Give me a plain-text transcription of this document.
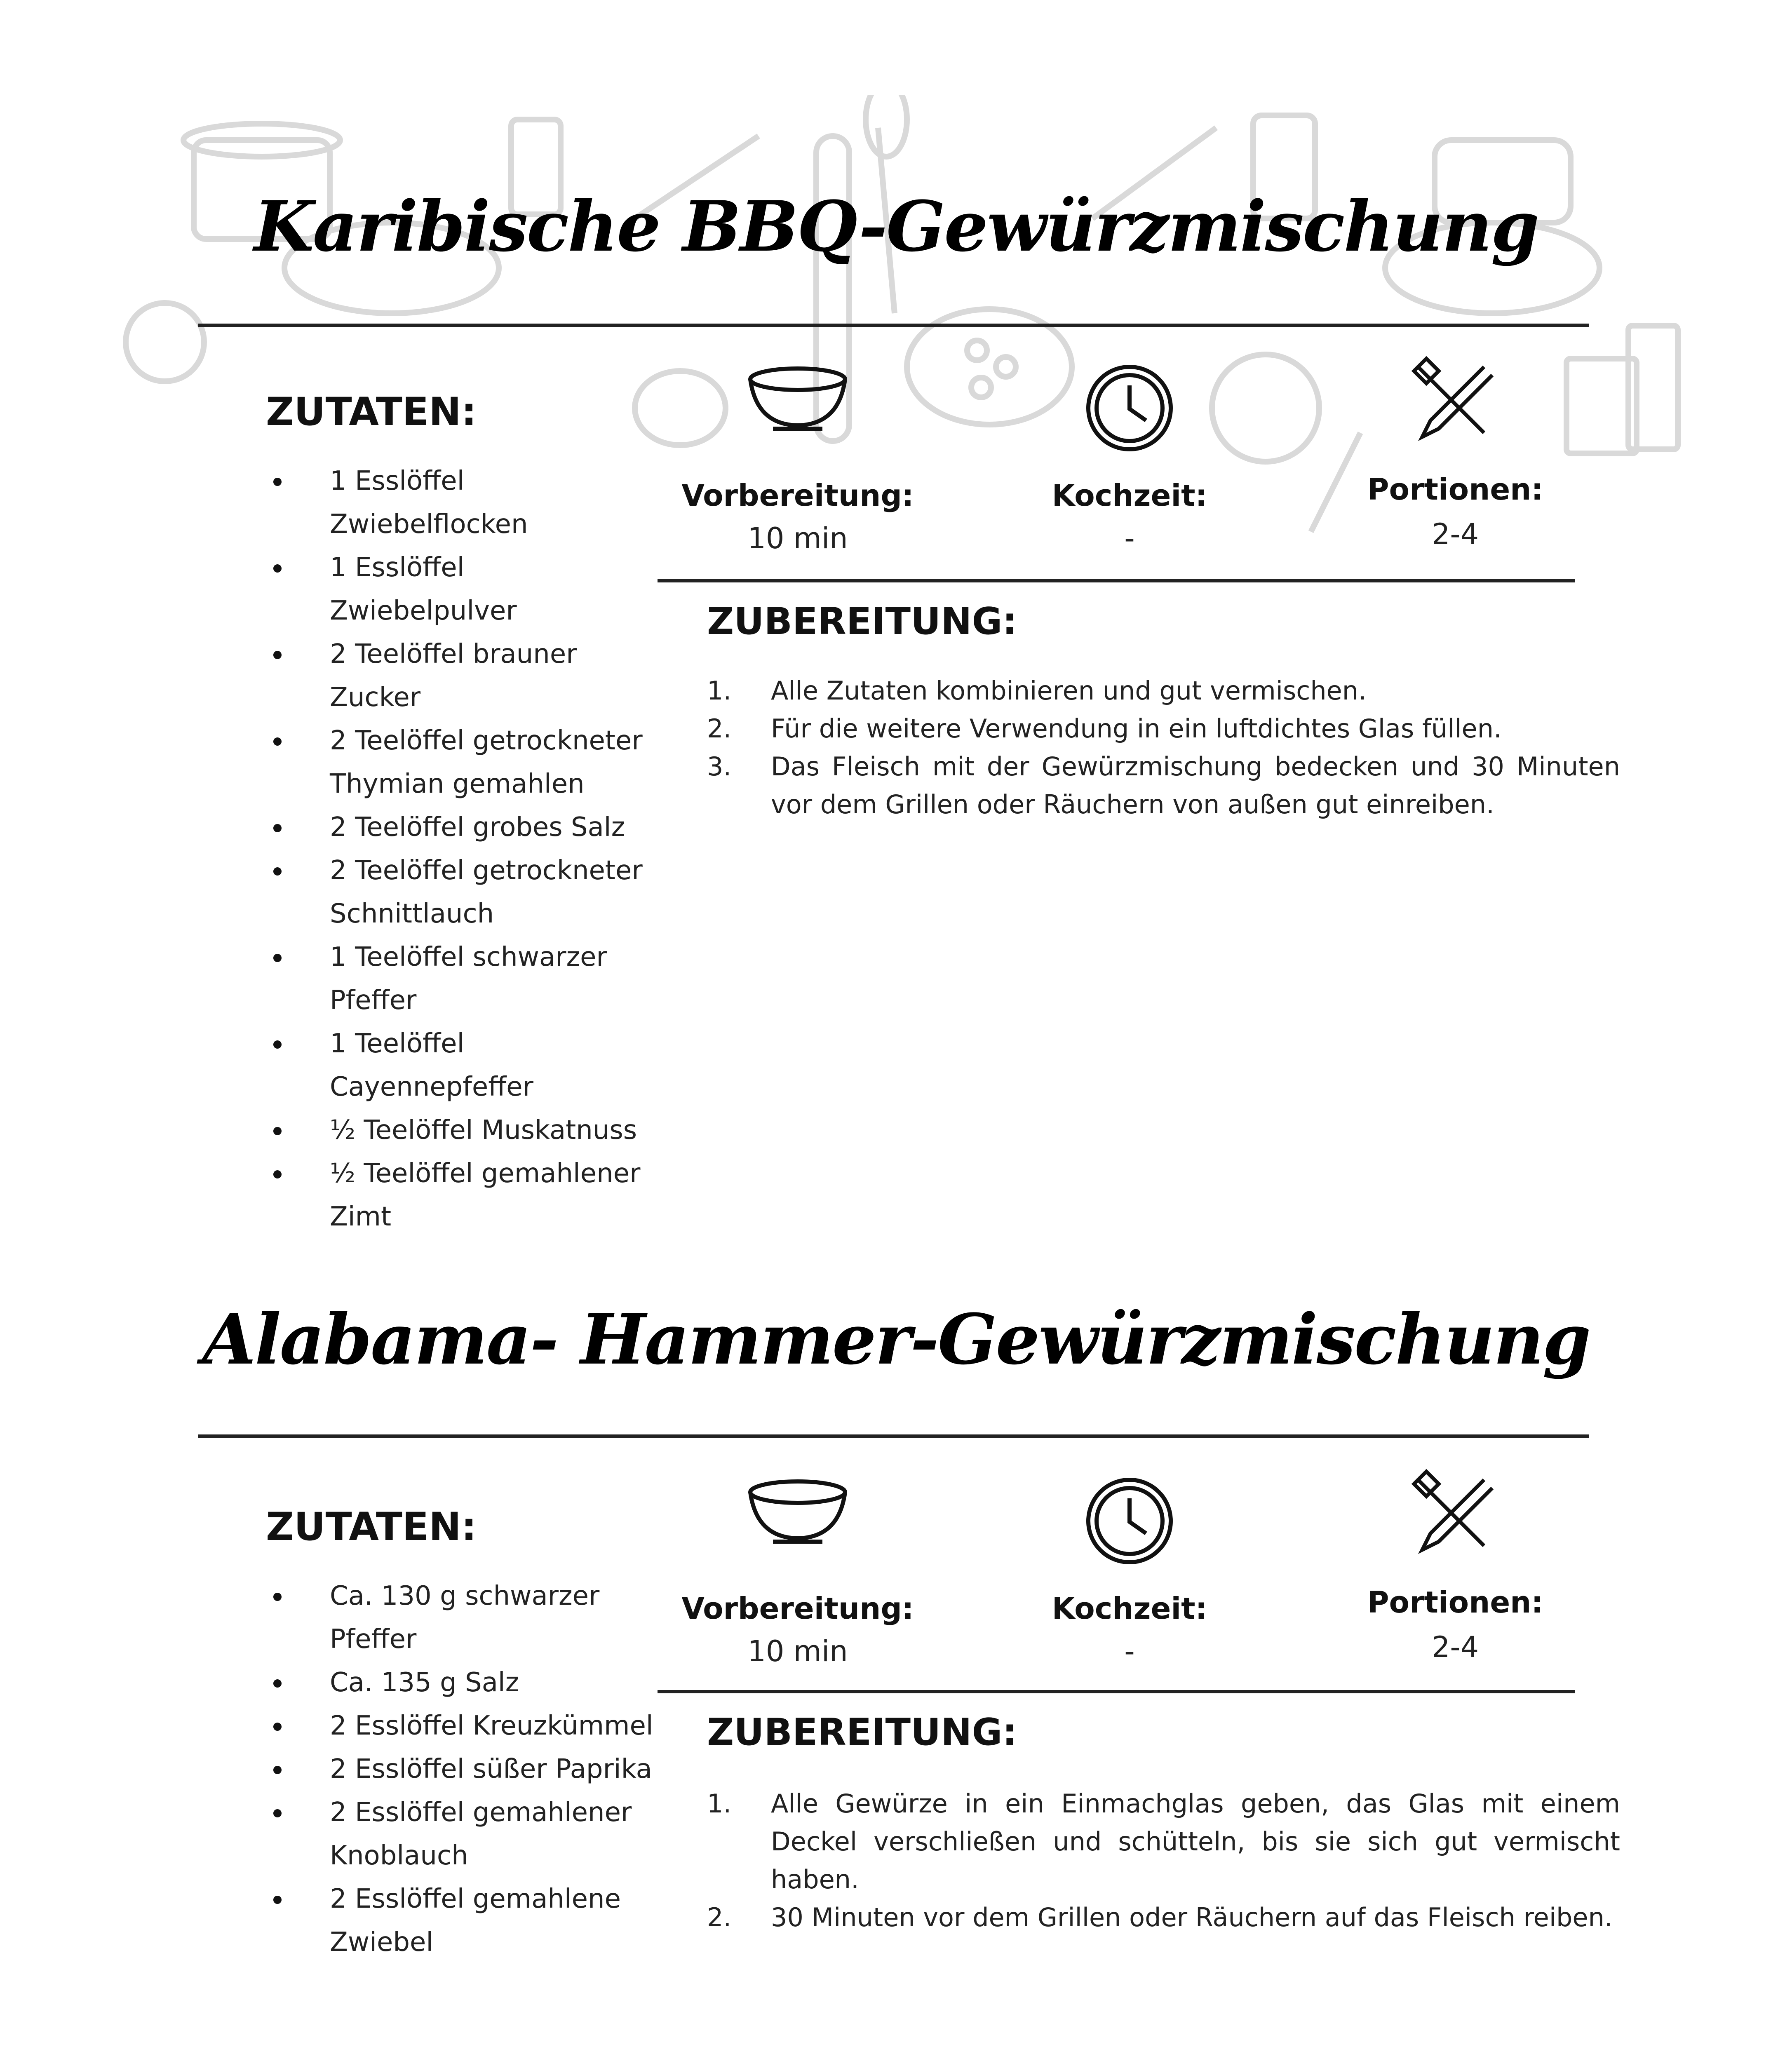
Karibische BBQ-Gewürzmischung
ZUTATEN:
1 Esslöffel
Zwiebelflocken
1 Esslöffel
Zwiebelpulver
2 Teelöffel brauner
Zucker
2 Teelöffel getrockneter
Thymian gemahlen
2 Teelöffel grobes Salz
2 Teelöffel getrockneter
Schnittlauch
1 Teelöffel schwarzer
Pfeffer
1 Teelöffel
Cayennepfeffer
½ Teelöffel Muskatnuss
½ Teelöffel gemahlener
Zimt
Vorbereitung:
10 min
Kochzeit:
-
Portionen:
2-4
ZUBEREITUNG:
1. Alle Zutaten kombinieren und gut vermischen.
2. Für die weitere Verwendung in ein luftdichtes Glas füllen.
3. Das Fleisch mit der Gewürzmischung bedecken und 30 Minuten vor dem Grillen oder Räuchern von außen gut einreiben.
Alabama- Hammer-Gewürzmischung
ZUTATEN:
Ca. 130 g schwarzer
Pfeffer
Ca. 135 g Salz
2 Esslöffel Kreuzkümmel
2 Esslöffel süßer Paprika
2 Esslöffel gemahlener
Knoblauch
2 Esslöffel gemahlene
Zwiebel
Vorbereitung:
10 min
Kochzeit:
-
Portionen:
2-4
ZUBEREITUNG:
1. Alle Gewürze in ein Einmachglas geben, das Glas mit einem Deckel verschließen und schütteln, bis sie sich gut vermischt haben.
2. 30 Minuten vor dem Grillen oder Räuchern auf das Fleisch reiben.
